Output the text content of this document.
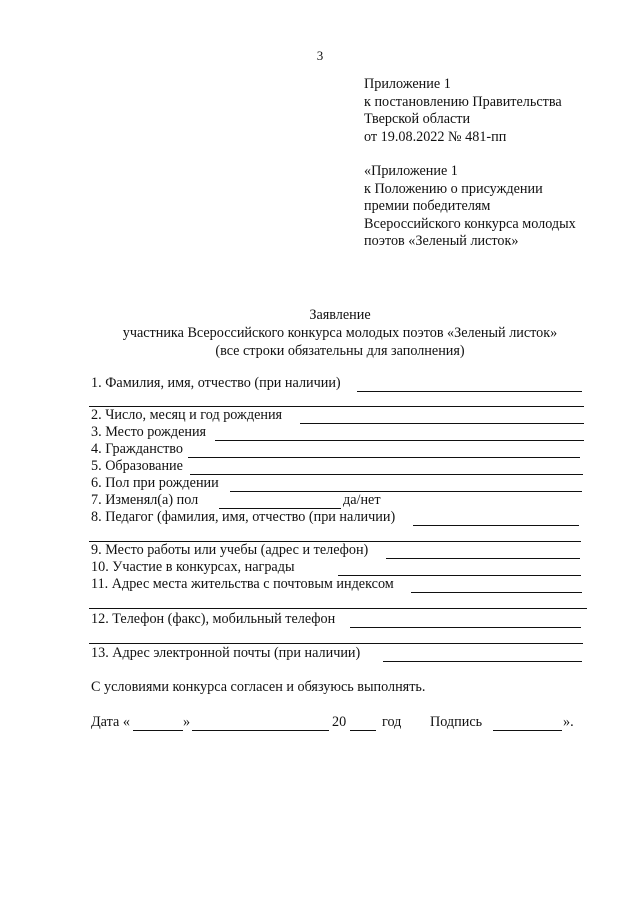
3
Приложение 1
к постановлению Правительства
Тверской области
от 19.08.2022 № 481-пп
«Приложение 1
к Положению о присуждении
премии победителям
Всероссийского конкурса молодых
поэтов «Зеленый листок»
Заявление
участника Всероссийского конкурса молодых поэтов «Зеленый листок»
(все строки обязательны для заполнения)
1. Фамилия, имя, отчество (при наличии)
2. Число, месяц и год рождения
3. Место рождения
4. Гражданство
5. Образование
6. Пол при рождении
7. Изменял(а) пол	да/нет
8. Педагог (фамилия, имя, отчество (при наличии)
9. Место работы или учебы (адрес и телефон)
10. Участие в конкурсах, награды
11. Адрес места жительства с почтовым индексом
12. Телефон (факс), мобильный телефон
13. Адрес электронной почты (при наличии)
С условиями конкурса согласен и обязуюсь выполнять.
Дата «	»	20	год Подпись	».
